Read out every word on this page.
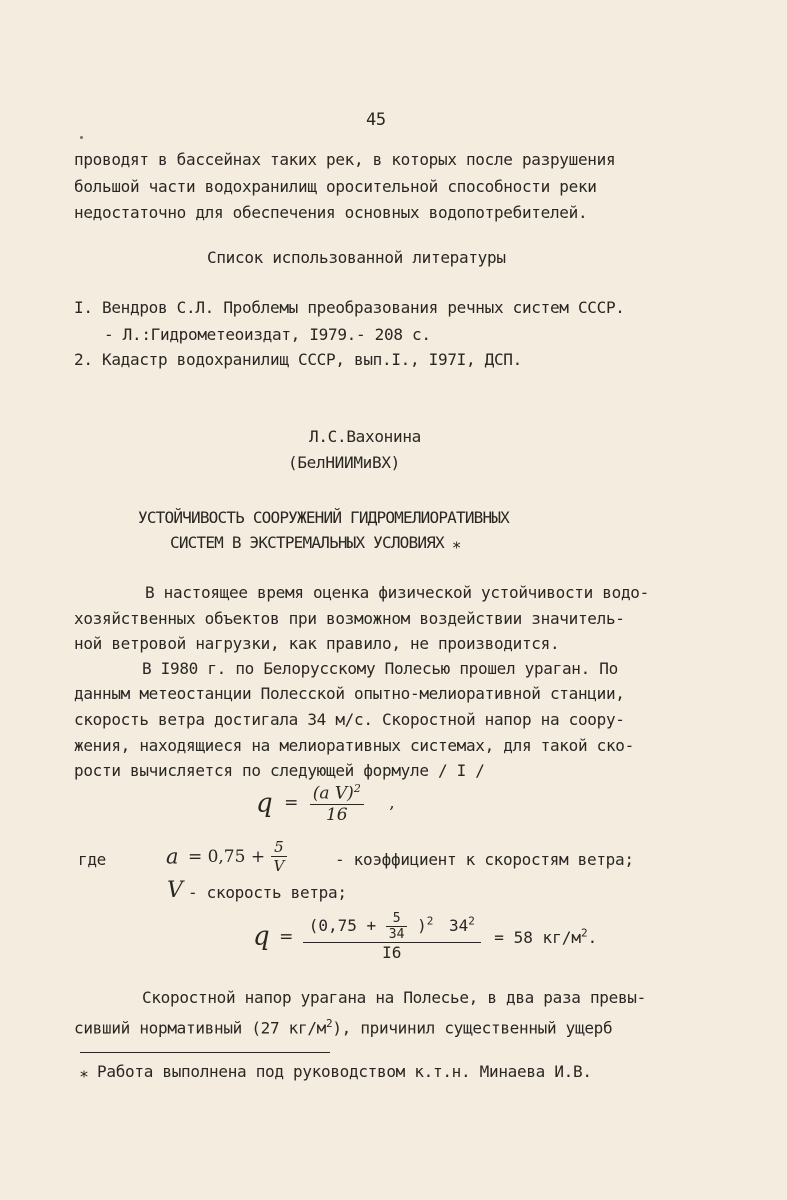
45
проводят в бассейнах таких рек, в которых после разрушения
большой части водохранилищ оросительной способности реки
недостаточно для обеспечения основных водопотребителей.
Список использованной литературы
I. Вендров С.Л. Проблемы преобразования речных систем СССР.
- Л.:Гидрометеоиздат, I979.- 208 с.
2. Кадастр водохранилищ СССР, вып.I., I97I, ДСП.
Л.С.Вахонина
(БелНИИМиВХ)
УСТОЙЧИВОСТЬ СООРУЖЕНИЙ ГИДРОМЕЛИОРАТИВНЫХ
СИСТЕМ В ЭКСТРЕМАЛЬНЫХ УСЛОВИЯХ ⁎
В настоящее время оценка физической устойчивости водо-
хозяйственных объектов при возможном воздействии значитель-
ной ветровой нагрузки, как правило, не производится.
В I980 г. по Белорусскому Полесью прошел ураган. По
данным метеостанции Полесской опытно-мелиоративной станции,
скорость ветра достигала 34 м/с. Скоростной напор на соору-
жения, находящиеся на мелиоративных системах, для такой ско-
рости вычисляется по следующей формуле / I /
$q = \frac{(a V)^2}{16}$ ,
где	$a = 0,75 + \frac{5}{V}$	- коэффициент к скоростям ветра;
V - скорость ветра;
q =
$(0,75 + \frac{5}{34} )^2$ $34^2$
I6
= 58 $кг/м^2$.
Скоростной напор урагана на Полесье, в два раза превы-
сивший нормативный (27 $кг/м^2$), причинил существенный ущерб
⁎ Работа выполнена под руководством к.т.н. Минаева И.В.
